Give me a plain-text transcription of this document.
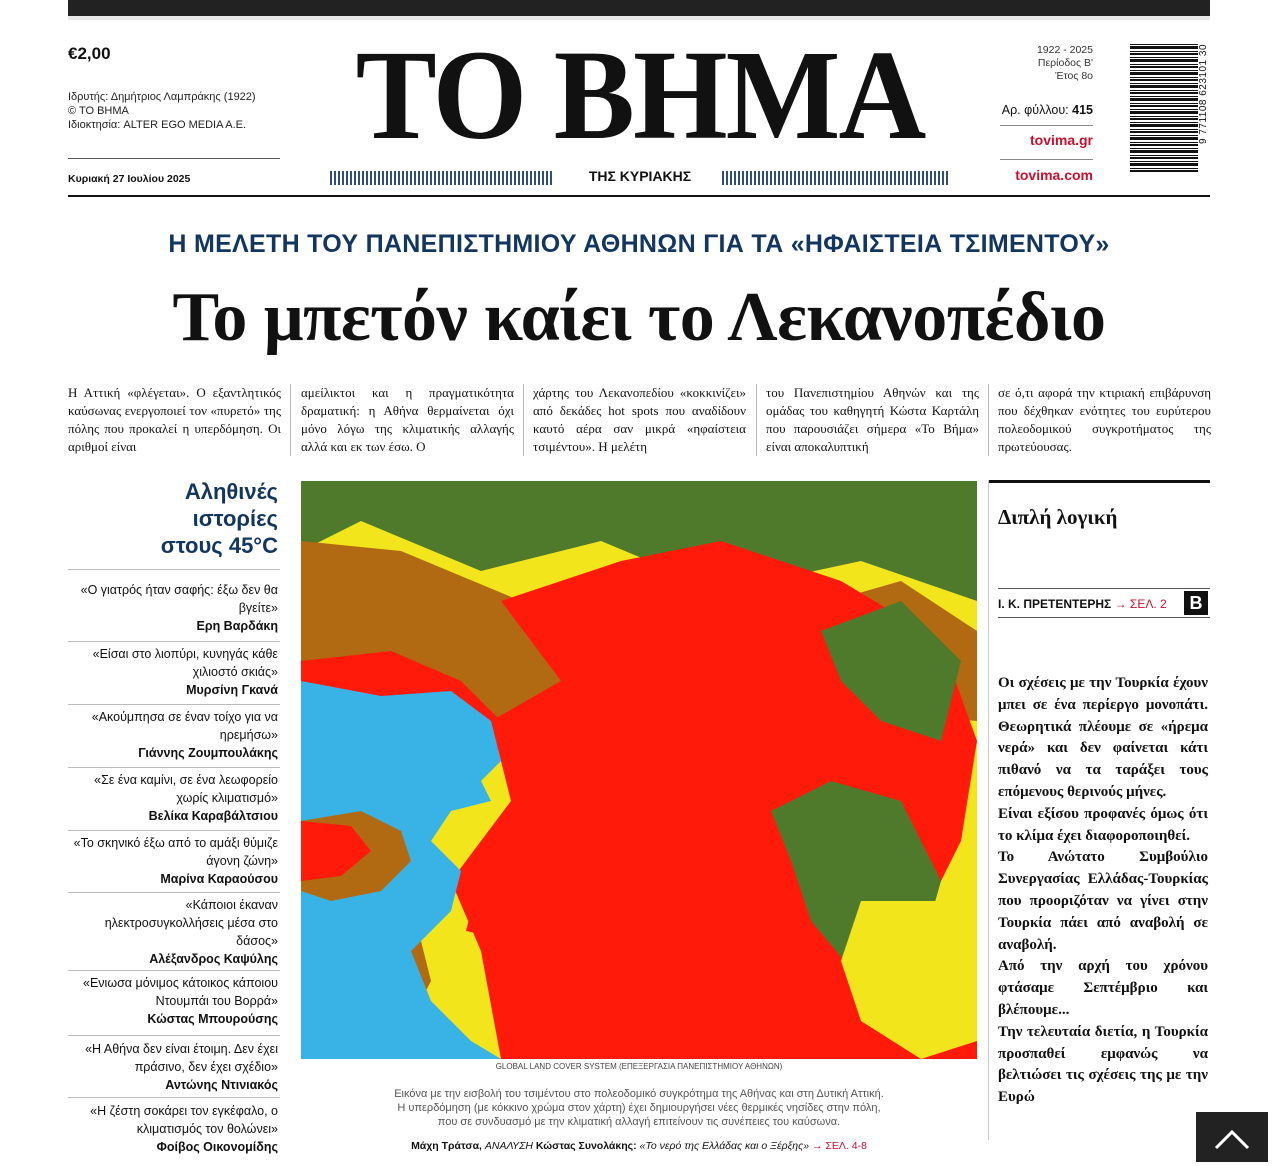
€2,00
Ιδρυτής: Δημήτριος Λαμπράκης (1922)
© ΤΟ ΒΗΜΑ
Ιδιοκτησία: ALTER EGO MEDIA A.E.
Κυριακή 27 Ιουλίου 2025
ΤΟ ΒΗΜΑ
ΤΗΣ ΚΥΡΙΑΚΗΣ
1922 - 2025
Περίοδος Β'
Έτος 8ο
Αρ. φύλλου: 415
tovima.gr
tovima.com
9 771108 623101 30
Η ΜΕΛΕΤΗ ΤΟΥ ΠΑΝΕΠΙΣΤΗΜΙΟΥ ΑΘΗΝΩΝ ΓΙΑ ΤΑ «ΗΦΑΙΣΤΕΙΑ ΤΣΙΜΕΝΤΟΥ»
Το μπετόν καίει το Λεκανοπέδιο
Η Αττική «φλέγεται». Ο εξαντλητικός καύσωνας ενεργοποιεί τον «πυρετό» της πόλης που προκαλεί η υπερδόμηση. Οι αριθμοί είναι
αμείλικτοι και η πραγματικότητα δραματική: η Αθήνα θερμαίνεται όχι μόνο λόγω της κλιματικής αλλαγής αλλά και εκ των έσω. Ο
χάρτης του Λεκανοπεδίου «κοκκινίζει» από δεκάδες hot spots που αναδίδουν καυτό αέρα σαν μικρά «ηφαίστεια τσιμέντου». Η μελέτη
του Πανεπιστημίου Αθηνών και της ομάδας του καθηγητή Κώστα Καρτάλη που παρουσιάζει σήμερα «Το Βήμα» είναι αποκαλυπτική
σε ό,τι αφορά την κτιριακή επιβάρυνση που δέχθηκαν ενότητες του ευρύτερου πολεοδομικού συγκροτήματος της πρωτεύουσας.
Αληθινές
ιστορίες
στους 45°C
«Ο γιατρός ήταν σαφής: έξω δεν θα βγείτε»
Ερη Βαρδάκη
«Είσαι στο λιοπύρι, κυνηγάς κάθε χιλιοστό σκιάς»
Μυρσίνη Γκανά
«Ακούμπησα σε έναν τοίχο για να ηρεμήσω»
Γιάννης Ζουμπουλάκης
«Σε ένα καμίνι, σε ένα λεωφορείο χωρίς κλιματισμό»
Βελίκα Καραβάλτσιου
«Το σκηνικό έξω από το αμάξι θύμιζε άγονη ζώνη»
Μαρίνα Καραούσου
«Κάποιοι έκαναν ηλεκτροσυγκολλήσεις μέσα στο δάσος»
Αλέξανδρος Καψύλης
«Ενιωσα μόνιμος κάτοικος κάποιου Ντουμπάι του Βορρά»
Κώστας Μπουρούσης
«Η Αθήνα δεν είναι έτοιμη. Δεν έχει πράσινο, δεν έχει σχέδιο»
Αντώνης Ντινιακός
«Η ζέστη σοκάρει τον εγκέφαλο, ο κλιματισμός τον θολώνει»
Φοίβος Οικονομίδης
GLOBAL LAND COVER SYSTEM (ΕΠΕΞΕΡΓΑΣΙΑ ΠΑΝΕΠΙΣΤΗΜΙΟΥ ΑΘΗΝΩΝ)
Εικόνα με την εισβολή του τσιμέντου στο πολεοδομικό συγκρότημα της Αθήνας και στη Δυτική Αττική.
Η υπερδόμηση (με κόκκινο χρώμα στον χάρτη) έχει δημιουργήσει νέες θερμικές νησίδες στην πόλη,
που σε συνδυασμό με την κλιματική αλλαγή επιτείνουν τις συνέπειες του καύσωνα.
Μάχη Τράτσα, ΑΝΑΛΥΣΗ Κώστας Συνολάκης: «Το νερό της Ελλάδας και ο Ξέρξης» → ΣΕΛ. 4-8
Διπλή λογική
Ι. Κ. ΠΡΕΤΕΝΤΕΡΗΣ → ΣΕΛ. 2	B

Οι σχέσεις με την Τουρκία έχουν μπει σε ένα περίεργο μονοπάτι. Θεωρητικά πλέουμε σε «ήρεμα νερά» και δεν φαίνεται κάτι πιθανό να τα ταράξει τους επόμενους θερινούς μήνες.

Είναι εξίσου προφανές όμως ότι το κλίμα έχει διαφοροποιηθεί.

Το Ανώτατο Συμβούλιο Συνεργασίας Ελλάδας-Τουρκίας που προοριζόταν να γίνει στην Τουρκία πάει από αναβολή σε αναβολή.

Από την αρχή του χρόνου φτάσαμε Σεπτέμβριο και βλέπουμε...

Την τελευταία διετία, η Τουρκία προσπαθεί εμφανώς να βελτιώσει τις σχέσεις της με την Ευρώ
